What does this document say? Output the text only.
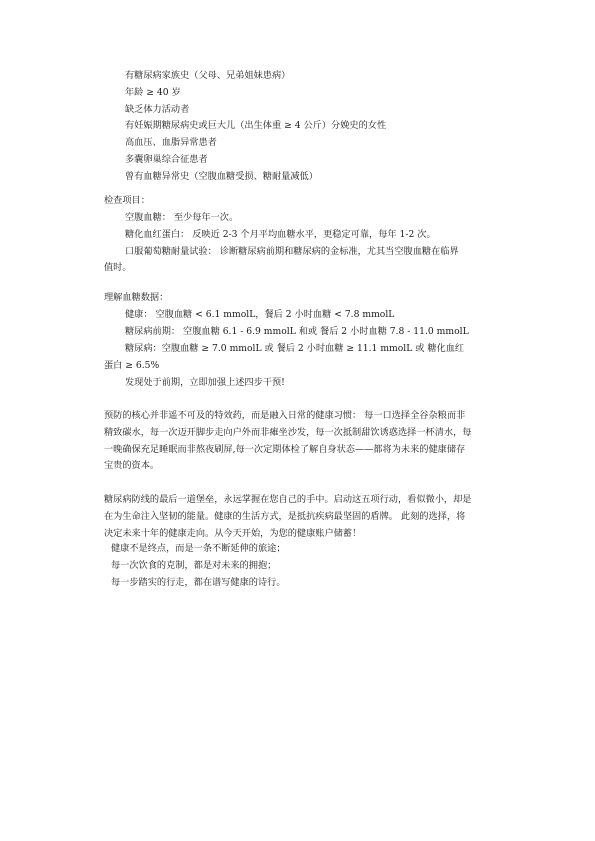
有糖尿病家族史（父母、兄弟姐妹患病）
年龄 ≥ 40 岁
缺乏体力活动者
有妊娠期糖尿病史或巨大儿（出生体重 ≥ 4 公斤）分娩史的女性
高血压、血脂异常患者
多囊卵巢综合征患者
曾有血糖异常史（空腹血糖受损、糖耐量减低）
检查项目：
空腹血糖： 至少每年一次。
糖化血红蛋白： 反映近 2-3 个月平均血糖水平，更稳定可靠，每年 1-2 次。
口服葡萄糖耐量试验： 诊断糖尿病前期和糖尿病的金标准，尤其当空腹血糖在临界
值时。
理解血糖数据：
健康： 空腹血糖 < 6.1 mmolL，餐后 2 小时血糖 < 7.8 mmolL
糖尿病前期： 空腹血糖 6.1 - 6.9 mmolL 和或 餐后 2 小时血糖 7.8 - 11.0 mmolL
糖尿病：空腹血糖 ≥ 7.0 mmolL 或 餐后 2 小时血糖 ≥ 11.1 mmolL 或 糖化血红
蛋白 ≥ 6.5%
发现处于前期，立即加强上述四步干预!
预防的核心并非遥不可及的特效药，而是融入日常的健康习惯： 每一口选择全谷杂粮而非
精致碳水，每一次迈开脚步走向户外而非瘫坐沙发，每一次抵制甜饮诱惑选择一杯清水，每
一晚确保充足睡眠而非熬夜刷屏,每一次定期体检了解自身状态——都将为未来的健康储存
宝贵的资本。
糖尿病防线的最后一道堡垒，永远掌握在您自己的手中。启动这五项行动，看似微小，却是
在为生命注入坚韧的能量。健康的生活方式，是抵抗疾病最坚固的盾牌。 此刻的选择，将
决定未来十年的健康走向。从今天开始，为您的健康账户储蓄！
健康不是终点，而是一条不断延伸的旅途；
每一次饮食的克制，都是对未来的拥抱；
每一步踏实的行走，都在谱写健康的诗行。
